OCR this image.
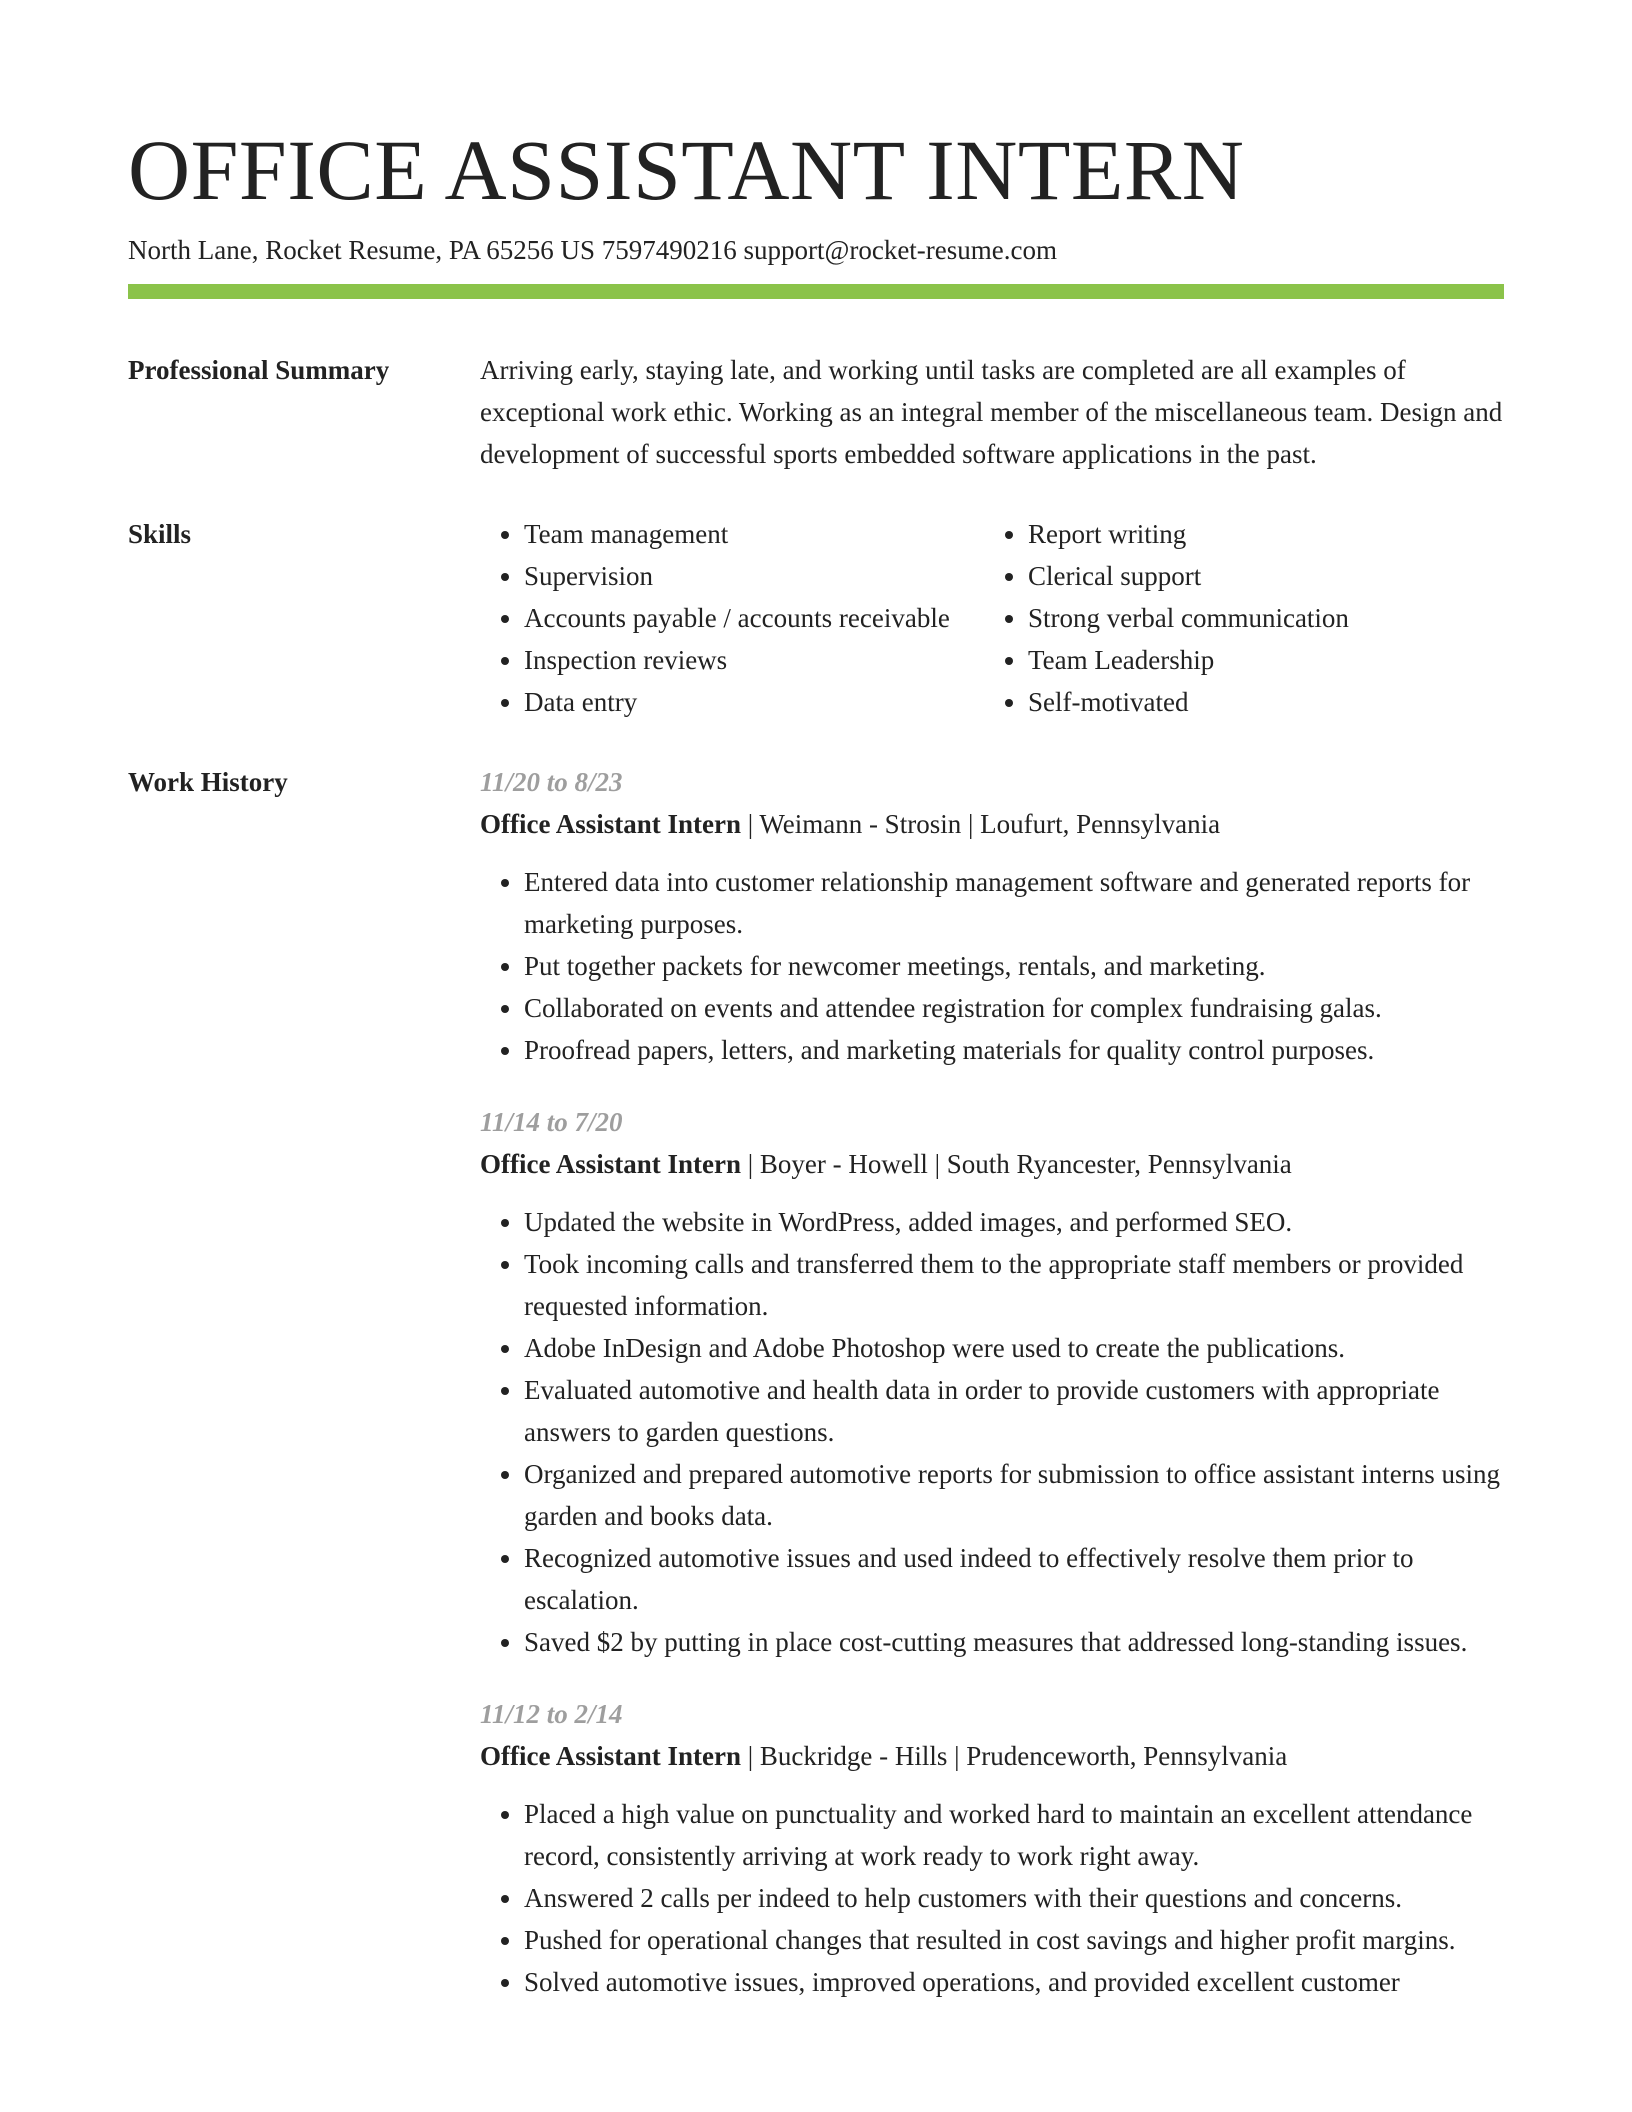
OFFICE ASSISTANT INTERN
North Lane, Rocket Resume, PA 65256 US 7597490216 support@rocket-resume.com
Professional Summary	Arriving early, staying late, and working until tasks are completed are all examples of exceptional work ethic. Working as an integral member of the miscellaneous team. Design and development of successful sports embedded software applications in the past.

Skills
•	Team management
• Supervision
• Accounts payable / accounts receivable
• Inspection reviews
• Data entry
• Report writing
• Clerical support
• Strong verbal communication
• Team Leadership
• Self-motivated
Work History	11/20 to 8/23
Office Assistant Intern | Weimann - Strosin | Loufurt, Pennsylvania
• Entered data into customer relationship management software and generated reports for marketing purposes.
• Put together packets for newcomer meetings, rentals, and marketing.
• Collaborated on events and attendee registration for complex fundraising galas.
• Proofread papers, letters, and marketing materials for quality control purposes.
11/14 to 7/20
Office Assistant Intern | Boyer - Howell | South Ryancester, Pennsylvania
• Updated the website in WordPress, added images, and performed SEO.
• Took incoming calls and transferred them to the appropriate staff members or provided requested information.
• Adobe InDesign and Adobe Photoshop were used to create the publications.
• Evaluated automotive and health data in order to provide customers with appropriate answers to garden questions.
• Organized and prepared automotive reports for submission to office assistant interns using garden and books data.
• Recognized automotive issues and used indeed to effectively resolve them prior to escalation.
• Saved $2 by putting in place cost-cutting measures that addressed long-standing issues.
11/12 to 2/14
Office Assistant Intern | Buckridge - Hills | Prudenceworth, Pennsylvania
• Placed a high value on punctuality and worked hard to maintain an excellent attendance record, consistently arriving at work ready to work right away.
• Answered 2 calls per indeed to help customers with their questions and concerns.
• Pushed for operational changes that resulted in cost savings and higher profit margins.
• Solved automotive issues, improved operations, and provided excellent customer
